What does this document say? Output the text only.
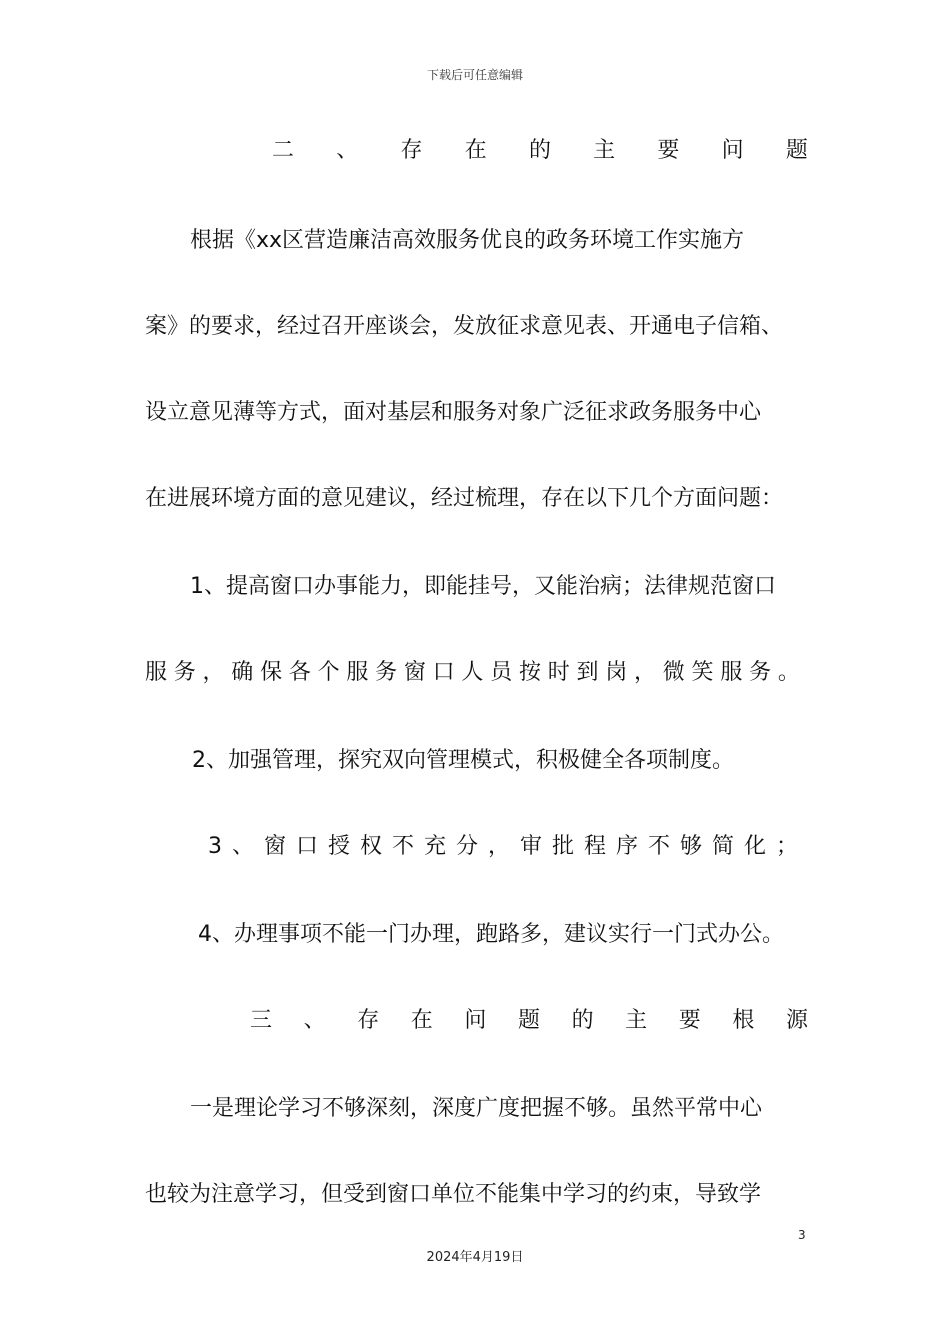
下载后可任意编辑
二 、 存 在 的 主 要 问 题
根据《xx区营造廉洁高效服务优良的政务环境工作实施方
案》的要求，经过召开座谈会，发放征求意见表、开通电子信箱、
设立意见薄等方式，面对基层和服务对象广泛征求政务服务中心
在进展环境方面的意见建议，经过梳理，存在以下几个方面问题：
1、提高窗口办事能力，即能挂号，又能治病；法律规范窗口
服 务 ， 确 保 各 个 服 务 窗 口 人 员 按 时 到 岗 ， 微 笑 服 务 。
2、加强管理，探究双向管理模式，积极健全各项制度。
3 、 窗 口 授 权 不 充 分 ， 审 批 程 序 不 够 简 化 ；
4、办理事项不能一门办理，跑路多，建议实行一门式办公。
三 、 存 在 问 题 的 主 要 根 源
一是理论学习不够深刻，深度广度把握不够。虽然平常中心
也较为注意学习，但受到窗口单位不能集中学习的约束，导致学
3
2024年4月19日
